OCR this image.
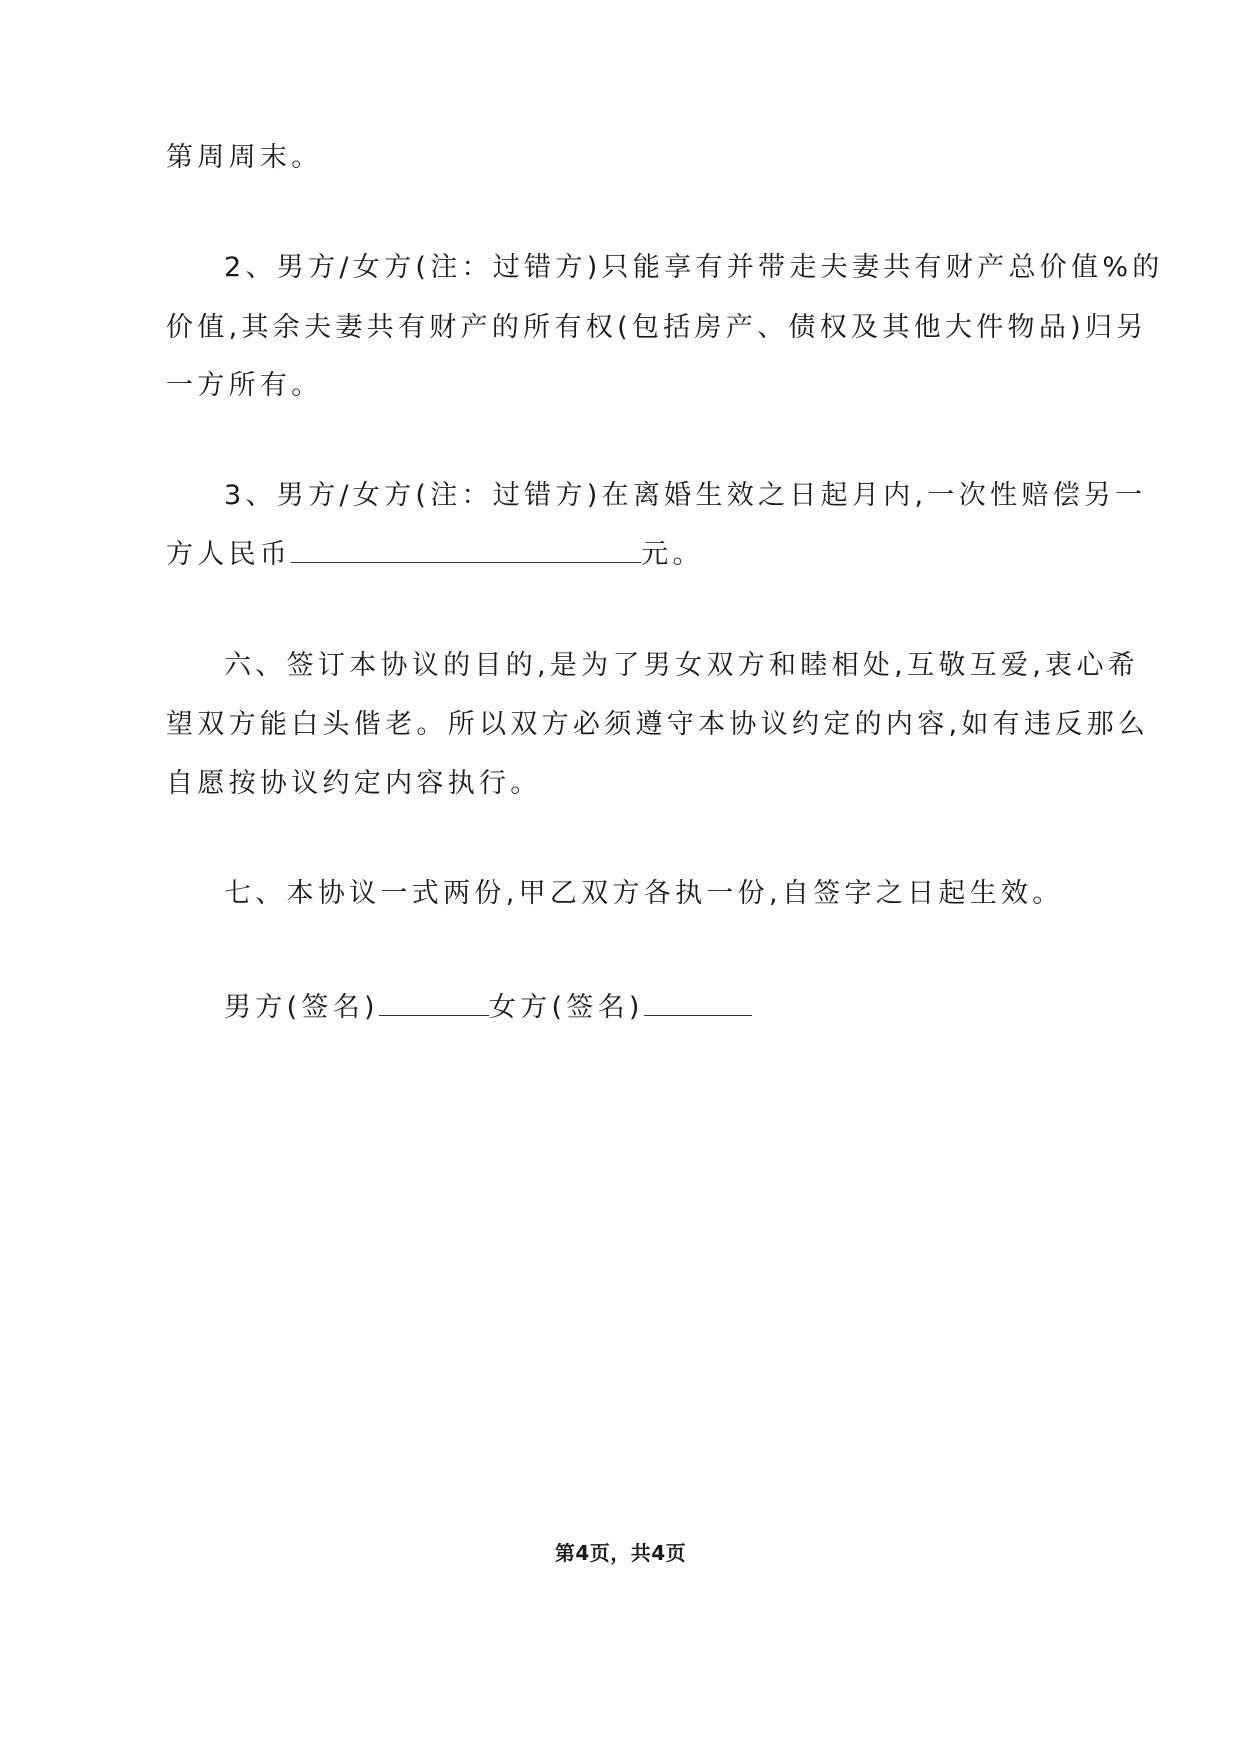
第周周末。
2、男方/女方(注：过错方)只能享有并带走夫妻共有财产总价值%的
价值,其余夫妻共有财产的所有权(包括房产、债权及其他大件物品)归另
一方所有。
3、男方/女方(注：过错方)在离婚生效之日起月内,一次性赔偿另一
方人民币	元。
六、签订本协议的目的,是为了男女双方和睦相处,互敬互爱,衷心希
望双方能白头偕老。所以双方必须遵守本协议约定的内容,如有违反那么
自愿按协议约定内容执行。
七、本协议一式两份,甲乙双方各执一份,自签字之日起生效。
男方(签名)	女方(签名)
第4页，共4页
